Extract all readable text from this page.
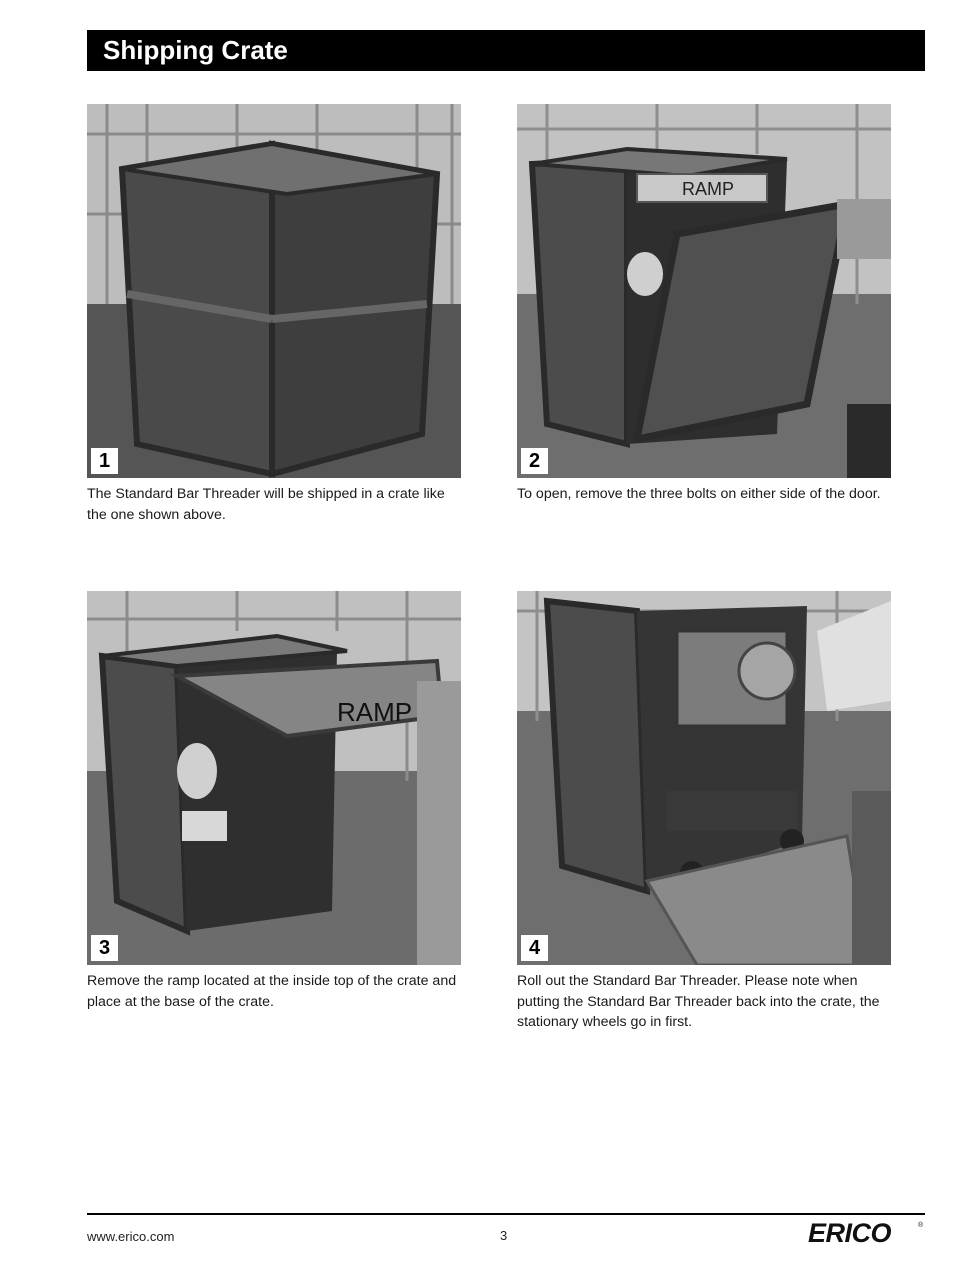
Shipping Crate
1
The Standard Bar Threader will be shipped in a crate like the one shown above.
RAMP
2
To open, remove the three bolts on either side of the door.
RAMP
3
Remove the ramp located at the inside top of the crate and place at the base of the crate.
4
Roll out the Standard Bar Threader. Please note when putting the Standard Bar Threader back into the crate, the stationary wheels go in first.
www.erico.com	3	ERICO	®
